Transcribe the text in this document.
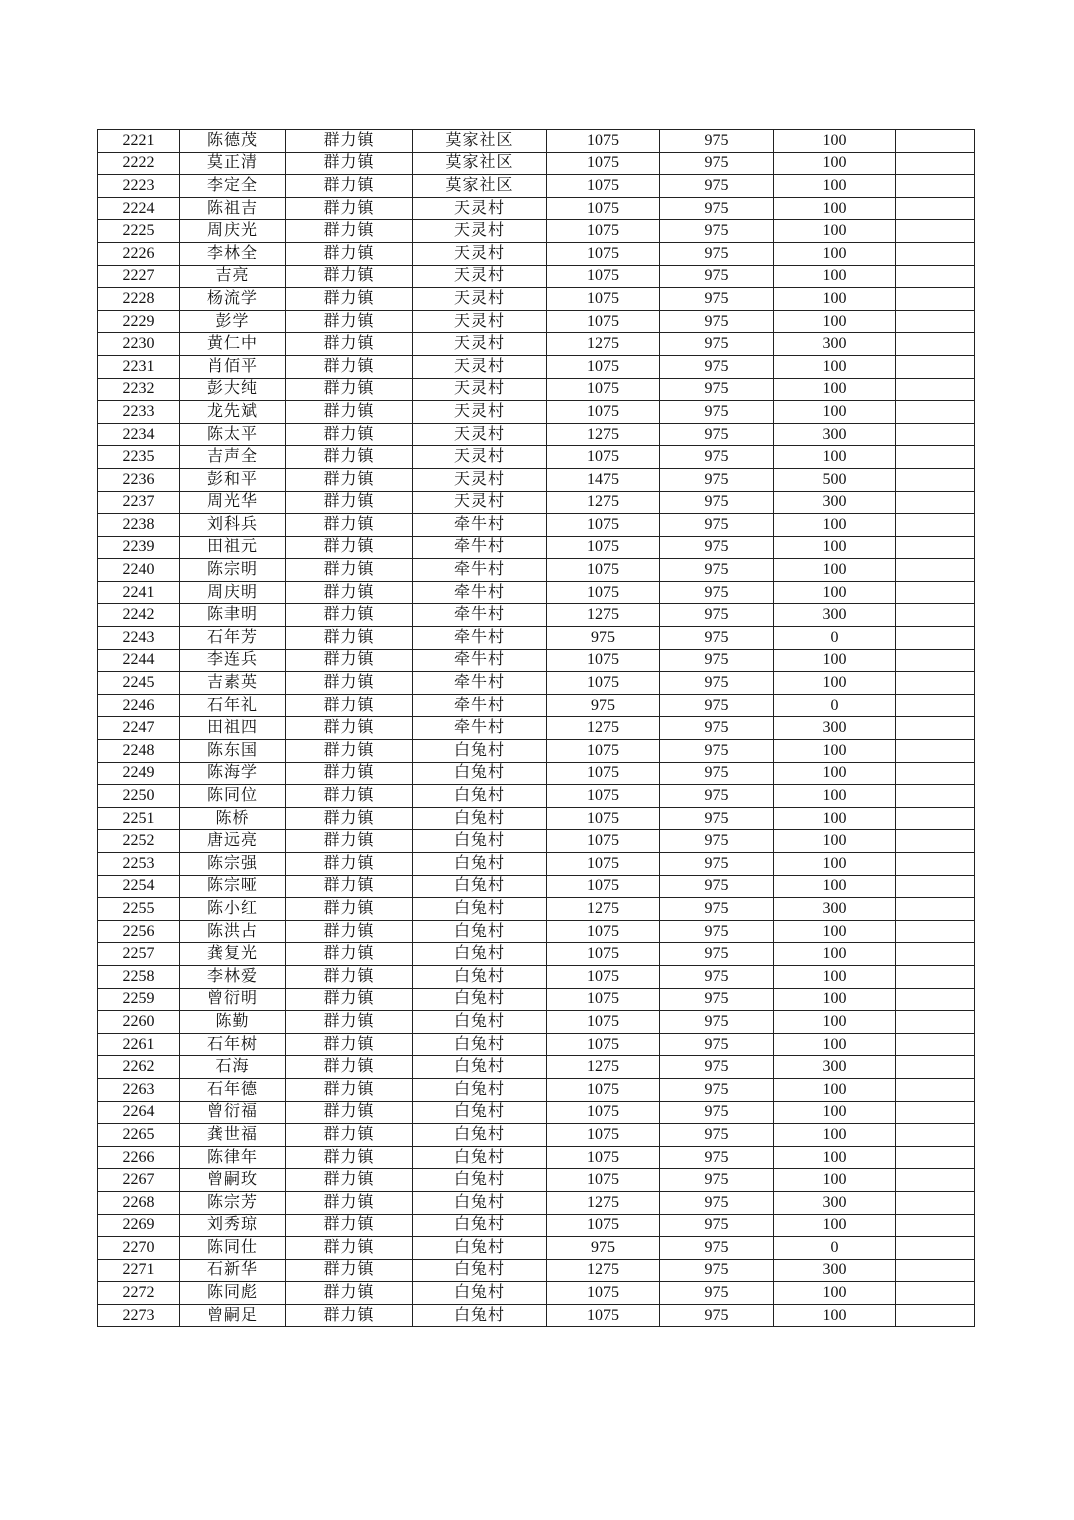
2221	陈德茂	群力镇	莫家社区	1075	975	100	
2222	莫正清	群力镇	莫家社区	1075	975	100	
2223	李定全	群力镇	莫家社区	1075	975	100	
2224	陈祖吉	群力镇	天灵村	1075	975	100	
2225	周庆光	群力镇	天灵村	1075	975	100	
2226	李林全	群力镇	天灵村	1075	975	100	
2227	吉亮	群力镇	天灵村	1075	975	100	
2228	杨流学	群力镇	天灵村	1075	975	100	
2229	彭学	群力镇	天灵村	1075	975	100	
2230	黄仁中	群力镇	天灵村	1275	975	300	
2231	肖佰平	群力镇	天灵村	1075	975	100	
2232	彭大纯	群力镇	天灵村	1075	975	100	
2233	龙先斌	群力镇	天灵村	1075	975	100	
2234	陈太平	群力镇	天灵村	1275	975	300	
2235	吉声全	群力镇	天灵村	1075	975	100	
2236	彭和平	群力镇	天灵村	1475	975	500	
2237	周光华	群力镇	天灵村	1275	975	300	
2238	刘科兵	群力镇	牵牛村	1075	975	100	
2239	田祖元	群力镇	牵牛村	1075	975	100	
2240	陈宗明	群力镇	牵牛村	1075	975	100	
2241	周庆明	群力镇	牵牛村	1075	975	100	
2242	陈聿明	群力镇	牵牛村	1275	975	300	
2243	石年芳	群力镇	牵牛村	975	975	0	
2244	李连兵	群力镇	牵牛村	1075	975	100	
2245	吉素英	群力镇	牵牛村	1075	975	100	
2246	石年礼	群力镇	牵牛村	975	975	0	
2247	田祖四	群力镇	牵牛村	1275	975	300	
2248	陈东国	群力镇	白兔村	1075	975	100	
2249	陈海学	群力镇	白兔村	1075	975	100	
2250	陈同位	群力镇	白兔村	1075	975	100	
2251	陈桥	群力镇	白兔村	1075	975	100	
2252	唐远亮	群力镇	白兔村	1075	975	100	
2253	陈宗强	群力镇	白兔村	1075	975	100	
2254	陈宗哑	群力镇	白兔村	1075	975	100	
2255	陈小红	群力镇	白兔村	1275	975	300	
2256	陈洪占	群力镇	白兔村	1075	975	100	
2257	龚复光	群力镇	白兔村	1075	975	100	
2258	李林爱	群力镇	白兔村	1075	975	100	
2259	曾衍明	群力镇	白兔村	1075	975	100	
2260	陈勤	群力镇	白兔村	1075	975	100	
2261	石年树	群力镇	白兔村	1075	975	100	
2262	石海	群力镇	白兔村	1275	975	300	
2263	石年德	群力镇	白兔村	1075	975	100	
2264	曾衍福	群力镇	白兔村	1075	975	100	
2265	龚世福	群力镇	白兔村	1075	975	100	
2266	陈律年	群力镇	白兔村	1075	975	100	
2267	曾嗣玫	群力镇	白兔村	1075	975	100	
2268	陈宗芳	群力镇	白兔村	1275	975	300	
2269	刘秀琼	群力镇	白兔村	1075	975	100	
2270	陈同仕	群力镇	白兔村	975	975	0	
2271	石新华	群力镇	白兔村	1275	975	300	
2272	陈同彪	群力镇	白兔村	1075	975	100	
2273	曾嗣足	群力镇	白兔村	1075	975	100	
